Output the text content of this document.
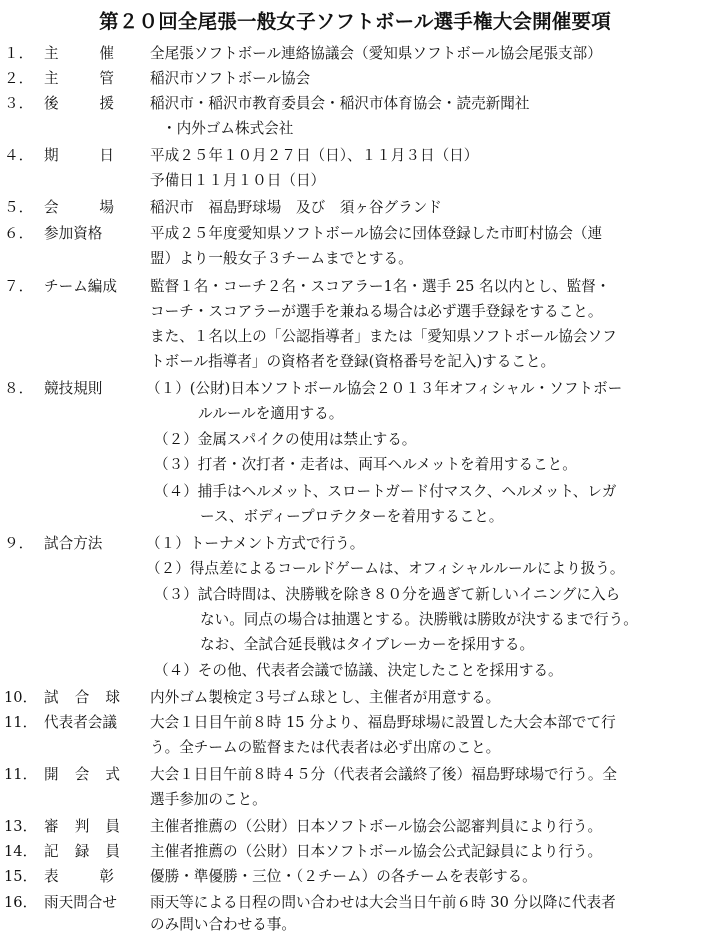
第２０回全尾張一般女子ソフトボール選手権大会開催要項
１． 主	催 全尾張ソフトボール連絡協議会（愛知県ソフトボール協会尾張支部）
２． 主	管 稲沢市ソフトボール協会
３． 後	援 稲沢市・稲沢市教育委員会・稲沢市体育協会・読売新聞社
・内外ゴム株式会社
４． 期	日 平成２５年１０月２７日（日）、１１月３日（日）
予備日１１月１０日（日）
５． 会	場 稲沢市　福島野球場　及び　須ヶ谷グランド
６． 参加資格	平成２５年度愛知県ソフトボール協会に団体登録した市町村協会（連
盟）より一般女子３チームまでとする。
７． チーム編成	監督１名・コーチ２名・スコアラー1名・選手 25 名以内とし、監督・
コーチ・スコアラーが選手を兼ねる場合は必ず選手登録をすること。
また、１名以上の「公認指導者」または「愛知県ソフトボール協会ソフ
トボール指導者」の資格者を登録(資格番号を記入)すること。
８． 競技規則	（１）(公財)日本ソフトボール協会２０１３年オフィシャル・ソフトボー
ルルールを適用する。
（２）金属スパイクの使用は禁止する。
（３）打者・次打者・走者は、両耳ヘルメットを着用すること。
（４）捕手はヘルメット、スロートガード付マスク、ヘルメット、レガ
ース、ボディープロテクターを着用すること。
９． 試合方法	（１）トーナメント方式で行う。
（２）得点差によるコールドゲームは、オフィシャルルールにより扱う。
（３）試合時間は、決勝戦を除き８０分を過ぎて新しいイニングに入ら
ない。同点の場合は抽選とする。決勝戦は勝敗が決するまで行う。
なお、全試合延長戦はタイブレーカーを採用する。
（４）その他、代表者会議で協議、決定したことを採用する。
10． 試 合 球 内外ゴム製検定３号ゴム球とし、主催者が用意する。
11． 代表者会議	大会１日目午前８時 15 分より、福島野球場に設置した大会本部でて行
う。全チームの監督または代表者は必ず出席のこと。
11． 開 会 式 大会１日目午前８時４５分（代表者会議終了後）福島野球場で行う。全
選手参加のこと。
13． 審 判 員 主催者推薦の（公財）日本ソフトボール協会公認審判員により行う。
14． 記 録 員 主催者推薦の（公財）日本ソフトボール協会公式記録員により行う。
15． 表	彰 優勝・準優勝・三位・（２チーム）の各チームを表彰する。
16． 雨天問合せ	雨天等による日程の問い合わせは大会当日午前６時 30 分以降に代表者
のみ問い合わせる事。
